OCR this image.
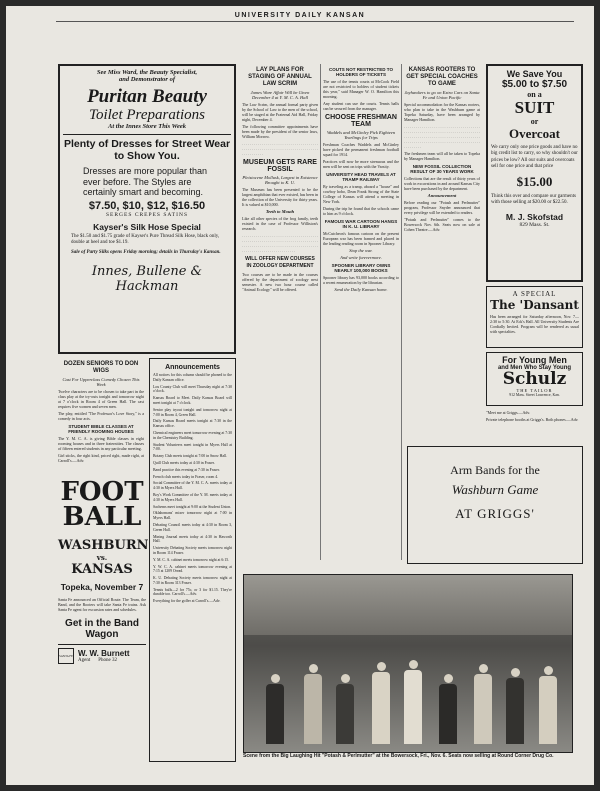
UNIVERSITY DAILY KANSAN
See Miss Ward, the Beauty Specialist,
and Demonstrator of
Puritan Beauty
Toilet Preparations
At the Innes Store This Week
Plenty of Dresses for Street Wear to Show You.
Dresses are more popular than ever before. The Styles are certainly smart and becoming.
$7.50, $10, $12, $16.50
SERGES CREPES SATINS
Kayser's Silk Hose Special
The $1.50 and $1.75 grade of Kayser's Pure Thread Silk Hose, black only, double at heel and toe $1.19.
Sale of Party Silks opens Friday morning; details in Thursday's Kansan.
Innes, Bullene & Hackman
DOZEN SENIORS TO DON WIGS
Cast For Upperclass Comedy Chosen This Week

Twelve characters are to be chosen to take part in the class play at the try-outs tonight and tomorrow night at 7 o'clock in Room 4 of Green Hall. The cast requires five women and seven men.

The play, entitled "The Professor's Love Story," is a comedy in four acts.

STUDENT BIBLE CLASSES AT FRIENDLY ROOMING HOUSES

The Y. M. C. A. is giving Bible classes in eight rooming houses and in three fraternities. The classes of fifteen entered students in any particular meeting.

Girl sticks, the right kind, priced right, made right, at Carroll's.—Adv.

FOOT
BALL
WASHBURN
vs.
KANSAS
Topeka, November 7
Santa Fe announced an Official Route. The Team, the Band, and the Rooters will take Santa Fe trains. Ask Santa Fe agent for excursion rates and schedules.
Get in the Band
Wagon
SANTA FE W. W. Burnett
Agent Phone 32
Announcements

All notices for this column should be phoned to the Daily Kansan office.

Lou County Club will meet Thursday night at 7:30 o'clock.

Kansas Board to Meet. Daily Kansas Board will meet tonight at 7 o'clock.

Senior play tryout tonight and tomorrow night at 7:00 in Room 4, Green Hall.

Daily Kansas Board meets tonight at 7:30 in the Kansas office.

Chemical engineers meet tomorrow evening at 7:30 in the Chemistry Building.

Student Volunteers meet tonight in Myers Hall at 7:00.

Botany Club meets tonight at 7:00 in Snow Hall.

Quill Club meets today at 4:30 in Fraser.

Band practice this evening at 7:30 in Fraser.

French club meets today in Fraser, room 4.

Social Committee of the Y. M. C. A. meets today at 4:30 in Myers Hall.

Boy's Work Committee of the Y. M. meets today at 4:30 in Myers Hall.

Sachems meet tonight at 9:00 at the Student Union.

Oklahomans' mixer tomorrow night at 7:00 in Myers Hall.

Debating Council meets today at 4:30 in Room 3, Green Hall.

Mining Journal meets today at 4:30 in Haworth Hall.

University Debating Society meets tomorrow night in Room 114 Fraser.

Y. M. C. A. cabinet meets tomorrow night at 6:15.

Y. W. C. A. cabinet meets tomorrow evening at 7:15 at 1209 Oread.

K. U. Debating Society meets tomorrow night at 7:30 in Room 313 Fraser.

Tennis balls—2 for 75c, or 3 for $1.15. They're durable too. Carroll's.—Adv.

Everything for the golfer at Carroll's.—Adv.

LAY PLANS FOR STAGING OF ANNUAL LAW SCRIM
James Ware Affair Will be Given December 4 at Y. M. C. A. Hall

The Law Scrim, the annual formal party given by the School of Law to the men of the school, will be staged at the Fraternal Aid Hall, Friday night, December 4.

The following committee appointments have been made by the president of the senior laws, William Morrow.

. . . . . . . . . . . . . . . . . . . . . . . . . . . . . . . . . . . . . . . . . . . . . . . . . . . . . . . . . . . . . . . . . . . . . . . . . . . . . . . . . . . . . . .

MUSEUM GETS RARE FOSSIL
Pleistocene Mollusk, Largest in Existence Brought to K. U.

The Museum has been presented to be the largest amphibian that ever existed, has been in the collection of the University for thirty years. It is valued at $10,000.

Teeth to Mouth

Like all other species of the frog family, teeth existed in the case of Professor Williston's research.

. . . . . . . . . . . . . . . . . . . . . . . . . . . . . . . . . . . . . . . . . . . . . . . . . . . . . . . . . . . . . . . . . . . . . . . . . . . . . . . . . . . . . . . . . . . . . . . . . . . . . . . . . . . . . . . . . . . . . . . . . . . . . . . . . . . . . . . . . . . . .

WILL OFFER NEW COURSES IN ZOOLOGY DEPARTMENT

Two courses are to be made in the courses offered by the department of zoology next semester. A new two hour course called "Animal Ecology" will be offered.

COUTS NOT RESTRICTED TO HOLDERS OF TICKETS

The use of the tennis courts at McCook Field are not restricted to holders of student tickets this year," said Manager W. O. Hamilton this morning.

Any student can use the courts. Tennis balls can be secured from the manager.

CHOOSE FRESHMAN TEAM
Waddels and McGinley Pick Eighteen Yearlings for Trips

Freshman Coaches Waddels and McGinley have picked the permanent freshman football squad for 1914.

Practices will now be more strenuous and the men will be sent on trips with the Varsity.

UNIVERSITY HEAD TRAVELS AT TRAMP RAILWAY

By traveling as a tramp, aboard a "house" and cowboy hobo, Dean Frank Strong of the State College of Kansas will attend a meeting in New York.

During the trip he found that the schools came to him as 9 o'clock.

FAMOUS WAR CARTOON HANGS IN K. U. LIBRARY

McCutcheon's famous cartoon on the present European war has been framed and placed in the leading reading room in Spooner Library.

Stop the war.
And write forevermore.
SPOONER LIBRARY OWNS NEARLY 100,000 BOOKS

Spooner library has 93,000 books according to a recent enumeration by the librarian.

Send the Daily Kansan home.
KANSAS ROOTERS TO GET SPECIAL COACHES TO GAME
Jayhawkers to go on Extra Cars on Santa Fe and Union Pacific

Special accommodation for the Kansas rooters, who plan to take in the Washburn game at Topeka Saturday, have been arranged by Manager Hamilton.

. . . . . . . . . . . . . . . . . . . . . . . . . . . . . . . . . . . . . . . . . . . . . . . . . . . . . . . . . . . . . . . . . . . . . . . . . . . . . . . . . . . . . . . . . . . . . . . . . . . . . . . . . . . . . . . . . . . . . . . . . . . . . . . . . . . . . . . . . . . . . . . . . . . . . . . . . . . . . . . . .

The freshmen team will all be taken to Topeka by Manager Hamilton.

NEW FOSSIL COLLECTION RESULT OF 30 YEARS WORK

Collections that are the result of thirty years of work in excavations in and around Kansas City have been purchased by the department.

Announcement

Before reading our "Potash and Perlmutter" program, Professor Snyder announced that every privilege will be extended to readers.

"Potash and Perlmutter" comes to the Bowersock Nov. 6th. Seats now on sale at Cohen Theatre.—Adv.

We Save You
$5.00 to $7.50
on a
SUIT
or
Overcoat
We carry only one price goods and have no big credit list to carry, so why shouldn't our prices be low? All our suits and overcoats sell for one price and that price
$15.00
Think this over and compare our garments with those selling at $20.00 or $22.50.
M. J. Skofstad
829 Mass. St.
A SPECIAL
The 'Dansant
Has been arranged for Saturday afternoon, Nov. 7—2:30 to 5:30. At Eck's Hall. All University Students Are Cordially Invited. Program will be rendered as usual with specialties.
For Young Men
and Men Who Stay Young
Schulz
THE TAILOR
912 Mass. Street Lawrence, Kan.

"Meet me at Griggs.—Adv.

Private telephone booths at Griggs's. Both phones.—Adv.

Arm Bands for the
Washburn Game
AT GRIGGS'
Scene from the Big Laughing Hit "Potash & Perlmutter" at the Bowersock, Fri., Nov. 6. Seats now selling at Round Corner Drug Co.
